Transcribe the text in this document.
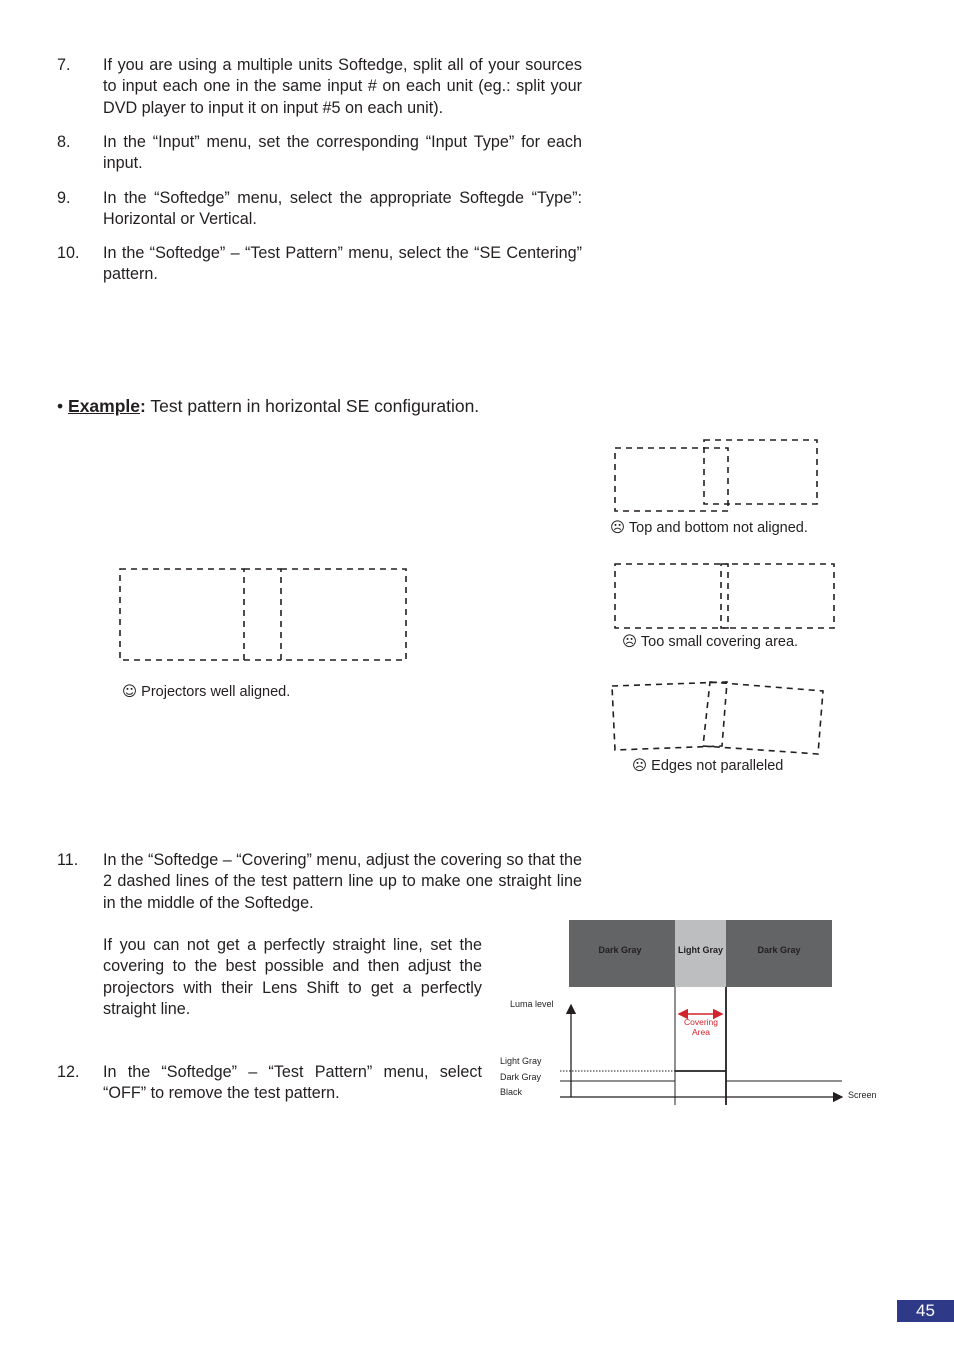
7. If you are using a multiple units Softedge, split all of your sources to input each one in the same input # on each unit (eg.: split your DVD player to input it on input #5 on each unit).
8. In the “Input” menu, set the corresponding “Input Type” for each input.
9. In the “Softedge” menu, select the appropriate Softegde “Type”: Horizontal or Vertical.
10. In the “Softedge” – “Test Pattern” menu, select the “SE Centering” pattern.
• Example: Test pattern in horizontal SE configuration.
☺ Projectors well aligned.
☹ Top and bottom not aligned.
☹ Too small covering area.
☹ Edges not paralleled
11. In the “Softedge – “Covering” menu, adjust the covering so that the 2 dashed lines of the test pattern line up to make one straight line in the middle of the Softedge.
If you can not get a perfectly straight line, set the covering to the best possible and then adjust the projectors with their Lens Shift to get a perfectly straight line.
12. In the “Softedge” – “Test Pattern” menu, select “OFF” to remove the test pattern.
Dark Gray	Light Gray	Dark Gray
Covering
Area
Luma level
Light Gray
Dark Gray
Black	Screen
45
